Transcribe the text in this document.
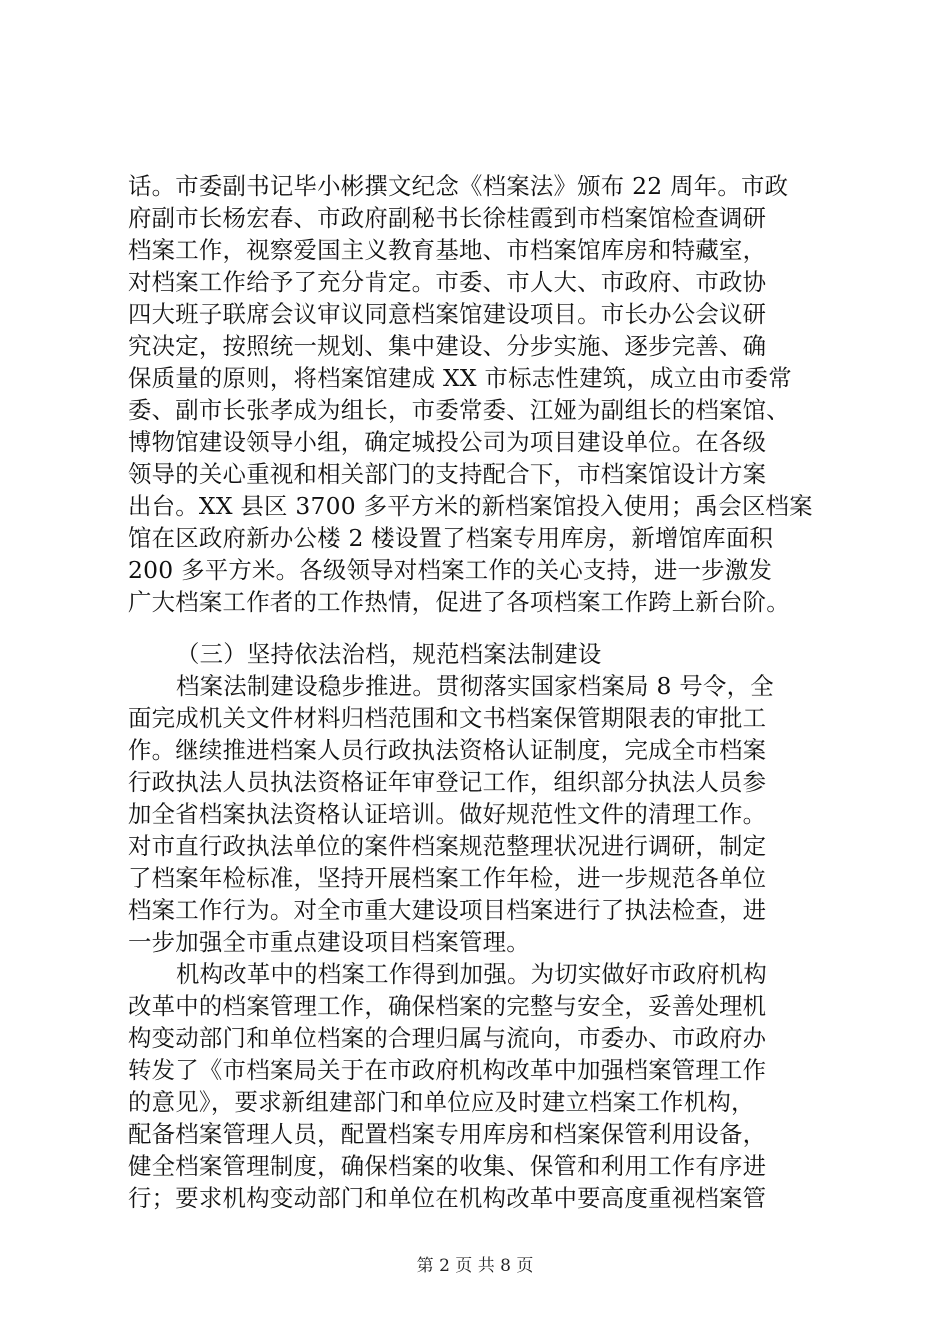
话。市委副书记毕小彬撰文纪念《档案法》颁布 22 周年。市政

府副市长杨宏春、市政府副秘书长徐桂霞到市档案馆检查调研

档案工作，视察爱国主义教育基地、市档案馆库房和特藏室，

对档案工作给予了充分肯定。市委、市人大、市政府、市政协

四大班子联席会议审议同意档案馆建设项目。市长办公会议研

究决定，按照统一规划、集中建设、分步实施、逐步完善、确

保质量的原则，将档案馆建成 XX 市标志性建筑，成立由市委常

委、副市长张孝成为组长，市委常委、江娅为副组长的档案馆、

博物馆建设领导小组，确定城投公司为项目建设单位。在各级

领导的关心重视和相关部门的支持配合下，市档案馆设计方案

出台。XX 县区 3700 多平方米的新档案馆投入使用；禹会区档案

馆在区政府新办公楼 2 楼设置了档案专用库房，新增馆库面积

200 多平方米。各级领导对档案工作的关心支持，进一步激发

广大档案工作者的工作热情，促进了各项档案工作跨上新台阶。

（三）坚持依法治档，规范档案法制建设

档案法制建设稳步推进。贯彻落实国家档案局 8 号令，全

面完成机关文件材料归档范围和文书档案保管期限表的审批工

作。继续推进档案人员行政执法资格认证制度，完成全市档案

行政执法人员执法资格证年审登记工作，组织部分执法人员参

加全省档案执法资格认证培训。做好规范性文件的清理工作。

对市直行政执法单位的案件档案规范整理状况进行调研，制定

了档案年检标准，坚持开展档案工作年检，进一步规范各单位

档案工作行为。对全市重大建设项目档案进行了执法检查，进

一步加强全市重点建设项目档案管理。

机构改革中的档案工作得到加强。为切实做好市政府机构

改革中的档案管理工作，确保档案的完整与安全，妥善处理机

构变动部门和单位档案的合理归属与流向，市委办、市政府办

转发了《市档案局关于在市政府机构改革中加强档案管理工作

的意见》，要求新组建部门和单位应及时建立档案工作机构，

配备档案管理人员，配置档案专用库房和档案保管利用设备，

健全档案管理制度，确保档案的收集、保管和利用工作有序进

行；要求机构变动部门和单位在机构改革中要高度重视档案管

第 2 页 共 8 页
